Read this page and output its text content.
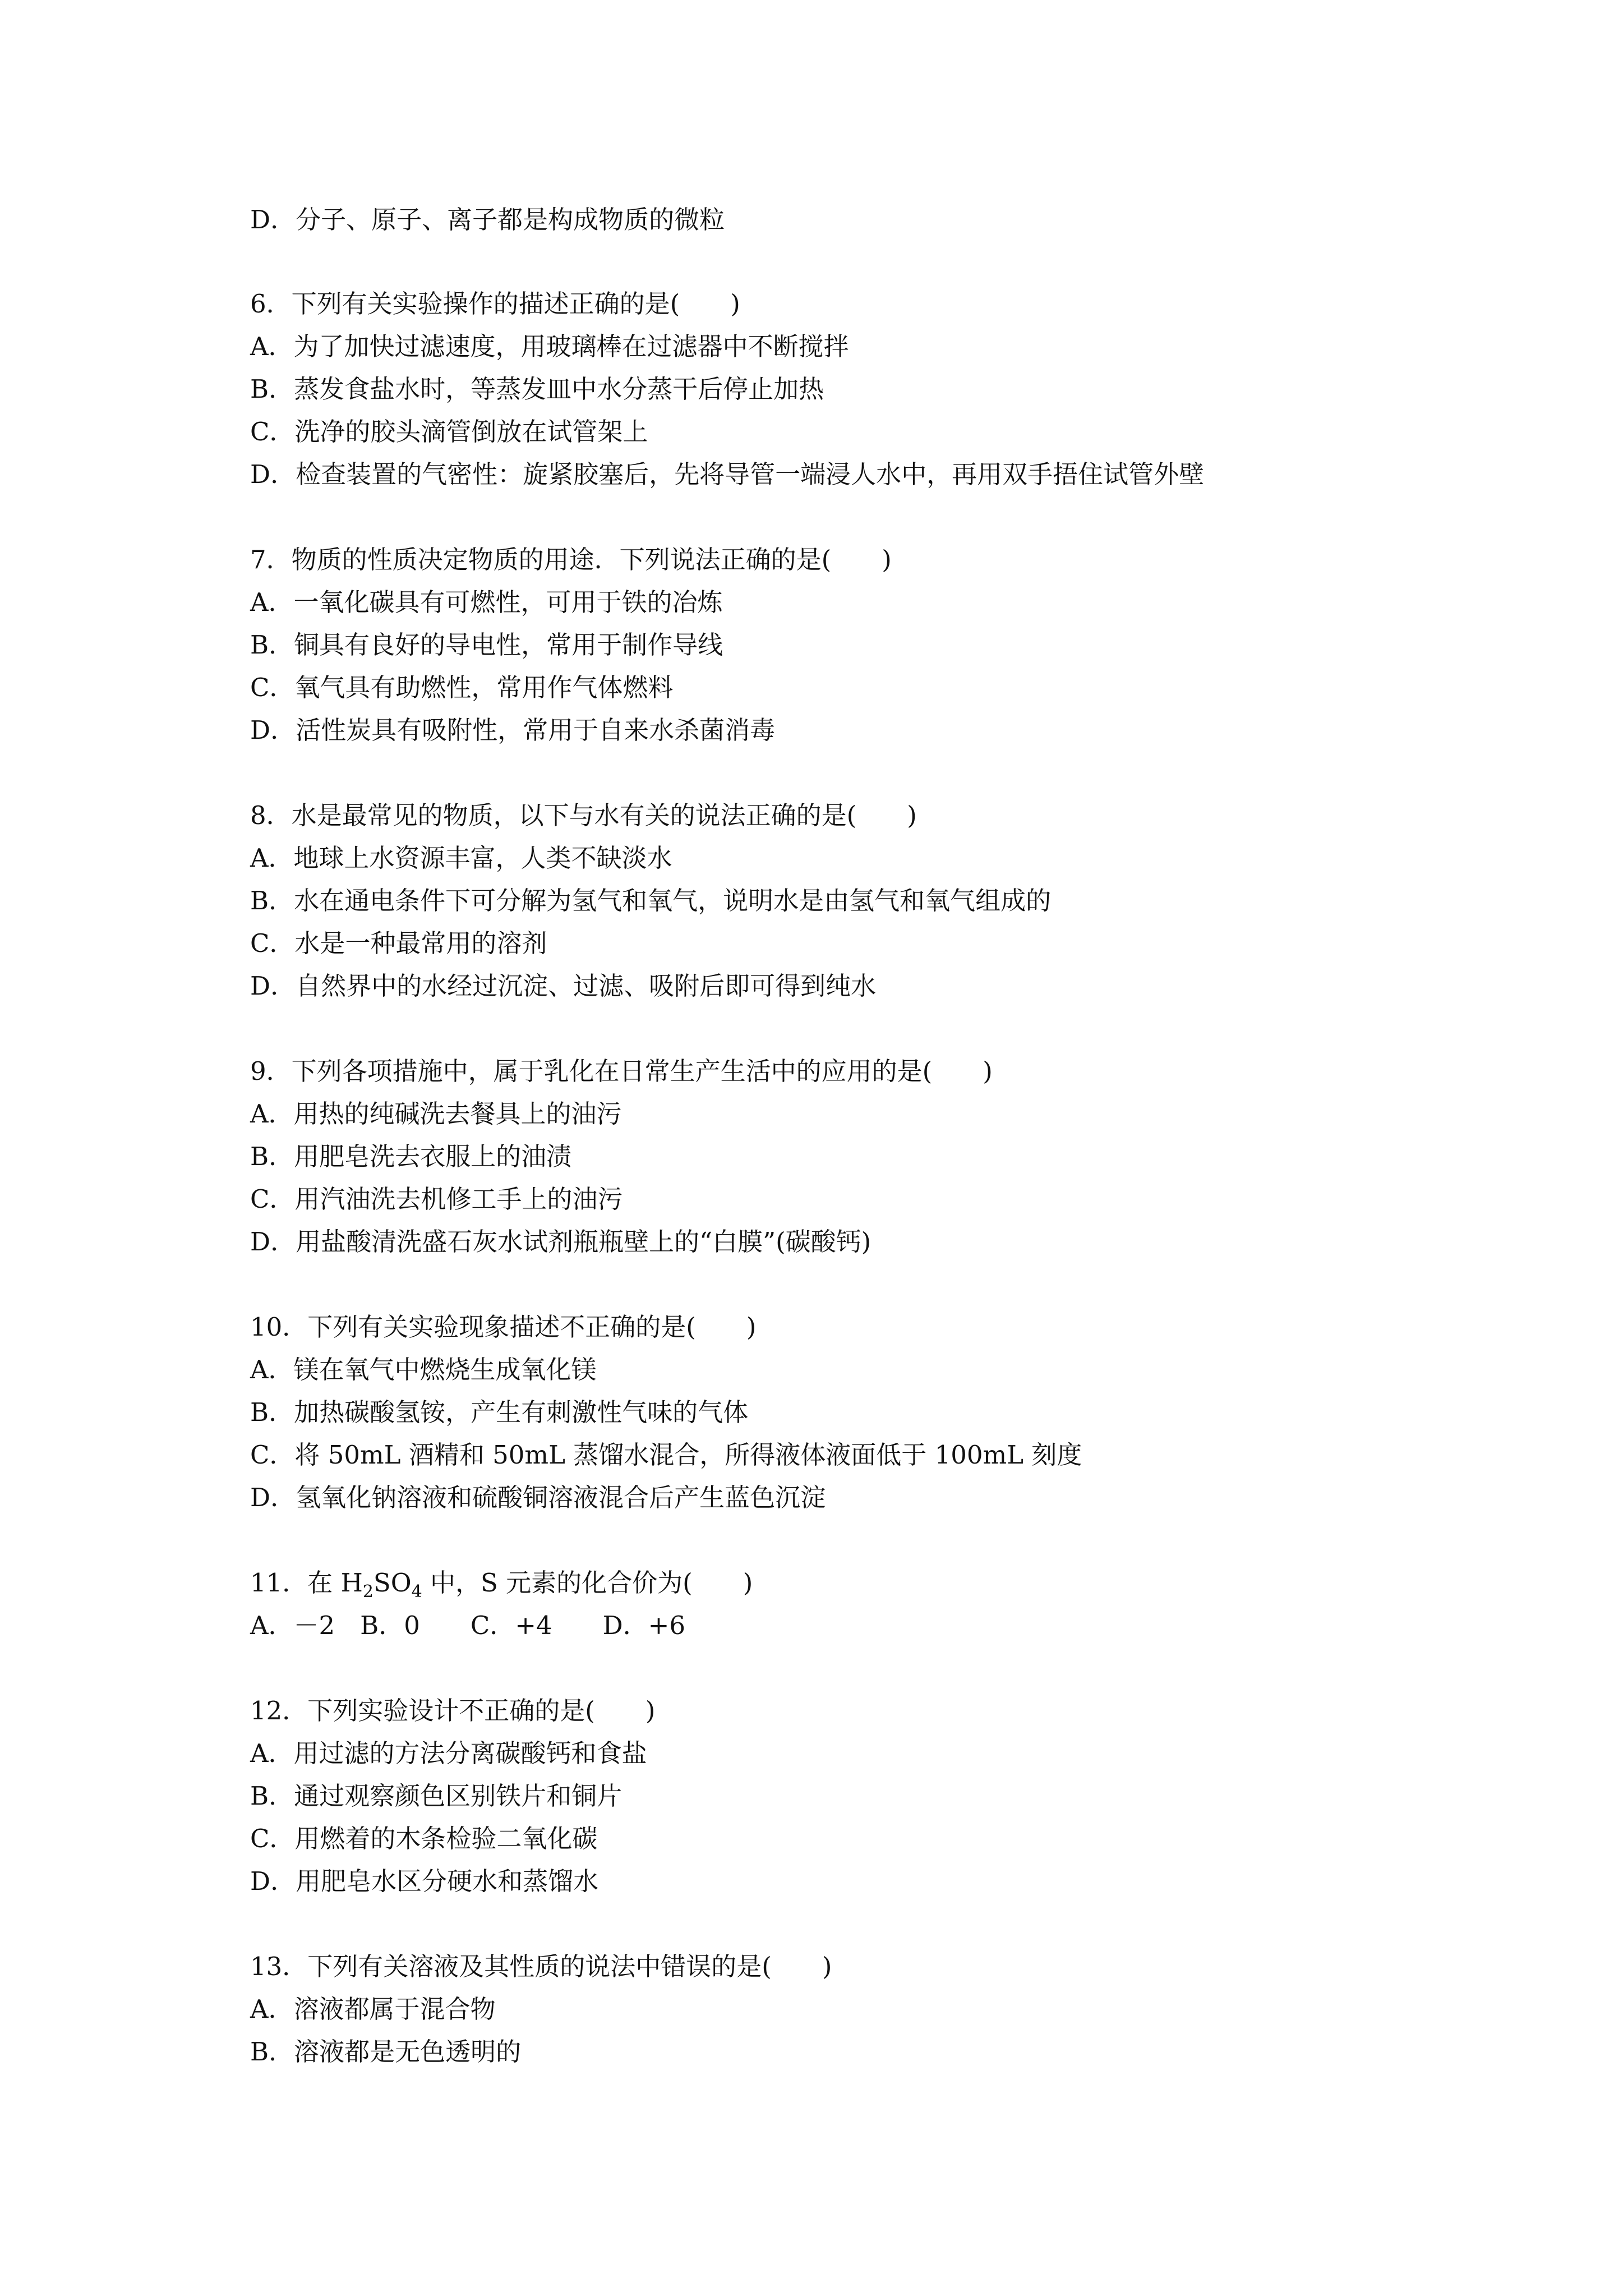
D．分子、原子、离子都是构成物质的微粒
6．下列有关实验操作的描述正确的是(　　)
A．为了加快过滤速度，用玻璃棒在过滤器中不断搅拌
B．蒸发食盐水时，等蒸发皿中水分蒸干后停止加热
C．洗净的胶头滴管倒放在试管架上
D．检查装置的气密性：旋紧胶塞后，先将导管一端浸人水中，再用双手捂住试管外壁
7．物质的性质决定物质的用途．下列说法正确的是(　　)
A．一氧化碳具有可燃性，可用于铁的冶炼
B．铜具有良好的导电性，常用于制作导线
C．氧气具有助燃性，常用作气体燃料
D．活性炭具有吸附性，常用于自来水杀菌消毒
8．水是最常见的物质，以下与水有关的说法正确的是(　　)
A．地球上水资源丰富，人类不缺淡水
B．水在通电条件下可分解为氢气和氧气，说明水是由氢气和氧气组成的
C．水是一种最常用的溶剂
D．自然界中的水经过沉淀、过滤、吸附后即可得到纯水
9．下列各项措施中，属于乳化在日常生产生活中的应用的是(　　)
A．用热的纯碱洗去餐具上的油污
B．用肥皂洗去衣服上的油渍
C．用汽油洗去机修工手上的油污
D．用盐酸清洗盛石灰水试剂瓶瓶壁上的“白膜”(碳酸钙)
10．下列有关实验现象描述不正确的是(　　)
A．镁在氧气中燃烧生成氧化镁
B．加热碳酸氢铵，产生有刺激性气味的气体
C．将 50mL 酒精和 50mL 蒸馏水混合，所得液体液面低于 100mL 刻度
D．氢氧化钠溶液和硫酸铜溶液混合后产生蓝色沉淀
11．在 $H_2SO_4$ 中，S 元素的化合价为(　　)
A．－2　B．0　　C．+4　　D．+6
12．下列实验设计不正确的是(　　)
A．用过滤的方法分离碳酸钙和食盐
B．通过观察颜色区别铁片和铜片
C．用燃着的木条检验二氧化碳
D．用肥皂水区分硬水和蒸馏水
13．下列有关溶液及其性质的说法中错误的是(　　)
A．溶液都属于混合物
B．溶液都是无色透明的
